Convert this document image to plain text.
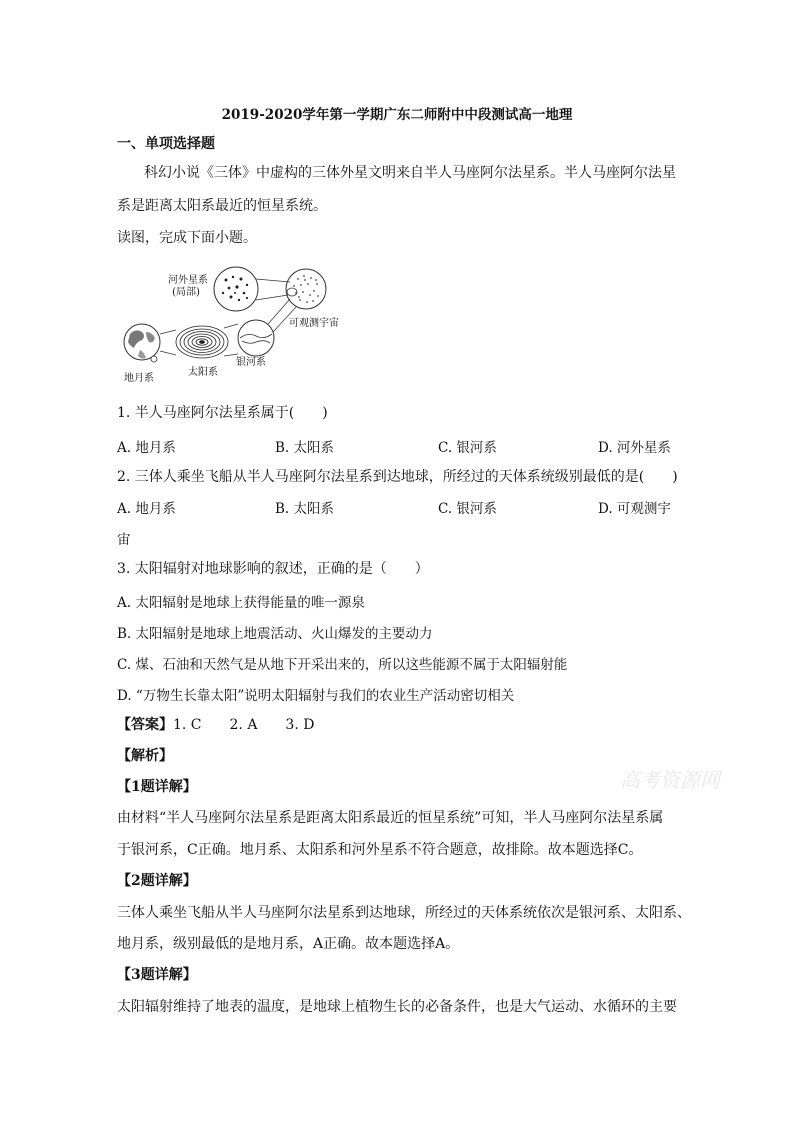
2019-2020学年第一学期广东二师附中中段测试高一地理
一、单项选择题
科幻小说《三体》中虚构的三体外星文明来自半人马座阿尔法星系。半人马座阿尔法星
系是距离太阳系最近的恒星系统。
读图，完成下面小题。
河外星系
(局部)
可观测宇宙
地月系
太阳系
银河系
1. 半人马座阿尔法星系属于(　　)
A. 地月系	B. 太阳系	C. 银河系	D. 河外星系
2. 三体人乘坐飞船从半人马座阿尔法星系到达地球，所经过的天体系统级别最低的是(　　)
A. 地月系	B. 太阳系	C. 银河系	D. 可观测宇
宙
3. 太阳辐射对地球影响的叙述，正确的是（　　）
A. 太阳辐射是地球上获得能量的唯一源泉
B. 太阳辐射是地球上地震活动、火山爆发的主要动力
C. 煤、石油和天然气是从地下开采出来的，所以这些能源不属于太阳辐射能
D. “万物生长靠太阳”说明太阳辐射与我们的农业生产活动密切相关
【答案】1. C　　2. A　　3. D
【解析】
高考资源网
【1题详解】
由材料“半人马座阿尔法星系是距离太阳系最近的恒星系统”可知，半人马座阿尔法星系属
于银河系，C正确。地月系、太阳系和河外星系不符合题意，故排除。故本题选择C。
【2题详解】
三体人乘坐飞船从半人马座阿尔法星系到达地球，所经过的天体系统依次是银河系、太阳系、
地月系，级别最低的是地月系，A正确。故本题选择A。
【3题详解】
太阳辐射维持了地表的温度，是地球上植物生长的必备条件，也是大气运动、水循环的主要
